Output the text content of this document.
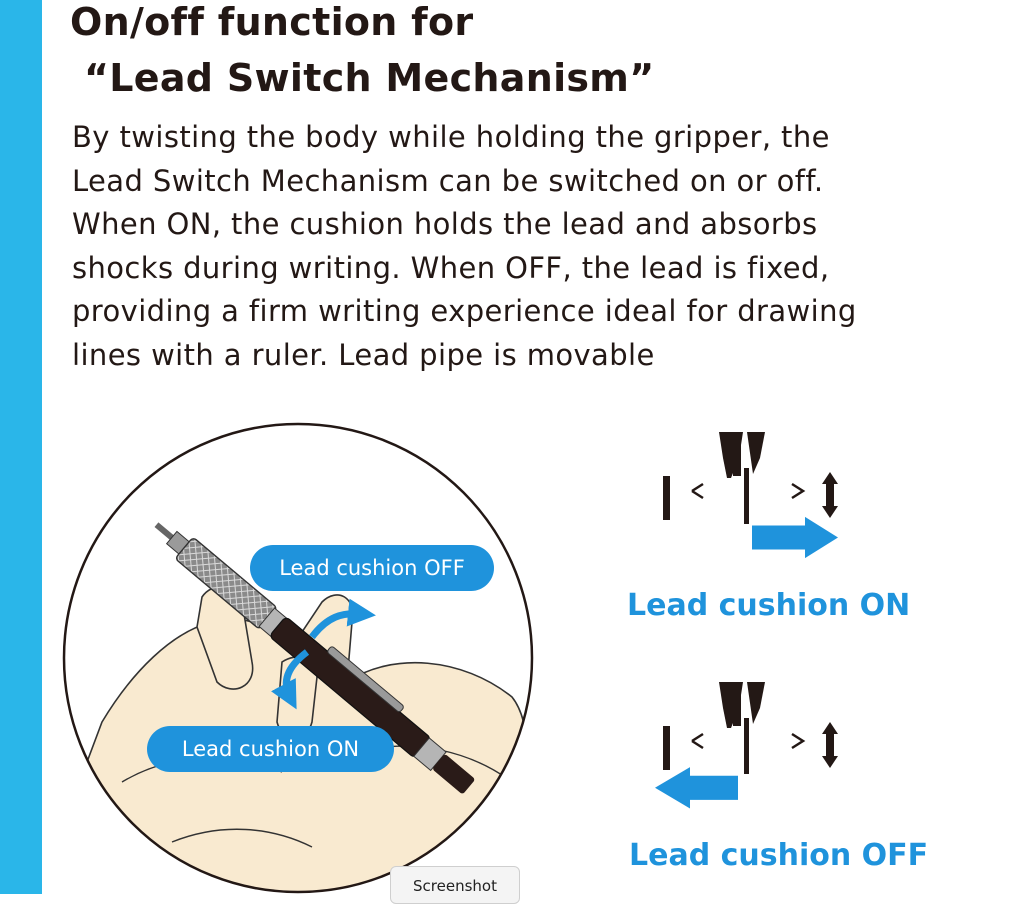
On/off function for
“Lead Switch Mechanism”
By twisting the body while holding the gripper, the
Lead Switch Mechanism can be switched on or off.
When ON, the cushion holds the lead and absorbs
shocks during writing. When OFF, the lead is fixed,
providing a firm writing experience ideal for drawing
lines with a ruler. Lead pipe is movable
Lead cushion OFF
Lead cushion ON
Lead cushion ON
Lead cushion OFF
Screenshot
